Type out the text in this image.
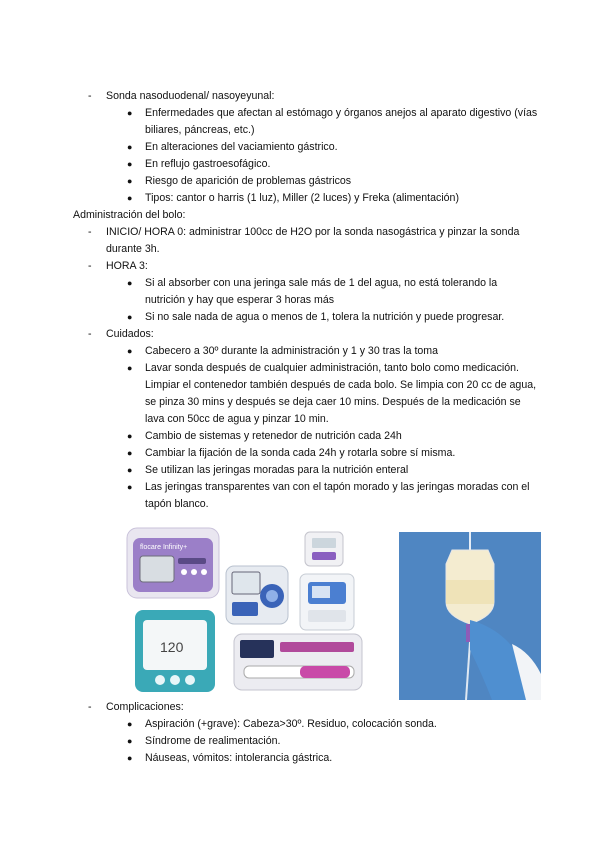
- Sonda nasoduodenal/ nasoyeyunal:
● Enfermedades que afectan al estómago y órganos anejos al aparato digestivo (vías biliares, páncreas, etc.)
● En alteraciones del vaciamiento gástrico.
● En reflujo gastroesofágico.
● Riesgo de aparición de problemas gástricos
● Tipos: cantor o harris (1 luz), Miller (2 luces) y Freka (alimentación)
Administración del bolo:
- INICIO/ HORA 0: administrar 100cc de H2O por la sonda nasogástrica y pinzar la sonda durante 3h.
- HORA 3:
● Si al absorber con una jeringa sale más de 1 del agua, no está tolerando la nutrición y hay que esperar 3 horas más
● Si no sale nada de agua o menos de 1, tolera la nutrición y puede progresar.
- Cuidados:
● Cabecero a 30º durante la administración y 1 y 30 tras la toma
● Lavar sonda después de cualquier administración, tanto bolo como medicación. Limpiar el contenedor también después de cada bolo. Se limpia con 20 cc de agua, se pinza 30 mins y después se deja caer 10 mins. Después de la medicación se lava con 50cc de agua y pinzar 10 min.
● Cambio de sistemas y retenedor de nutrición cada 24h
● Cambiar la fijación de la sonda cada 24h y rotarla sobre sí misma.
● Se utilizan las jeringas moradas para la nutrición enteral
● Las jeringas transparentes van con el tapón morado y las jeringas moradas con el tapón blanco.
flocare Infinity+
120
- Complicaciones:
● Aspiración (+grave): Cabeza>30º. Residuo, colocación sonda.
● Síndrome de realimentación.
● Náuseas, vómitos: intolerancia gástrica.
